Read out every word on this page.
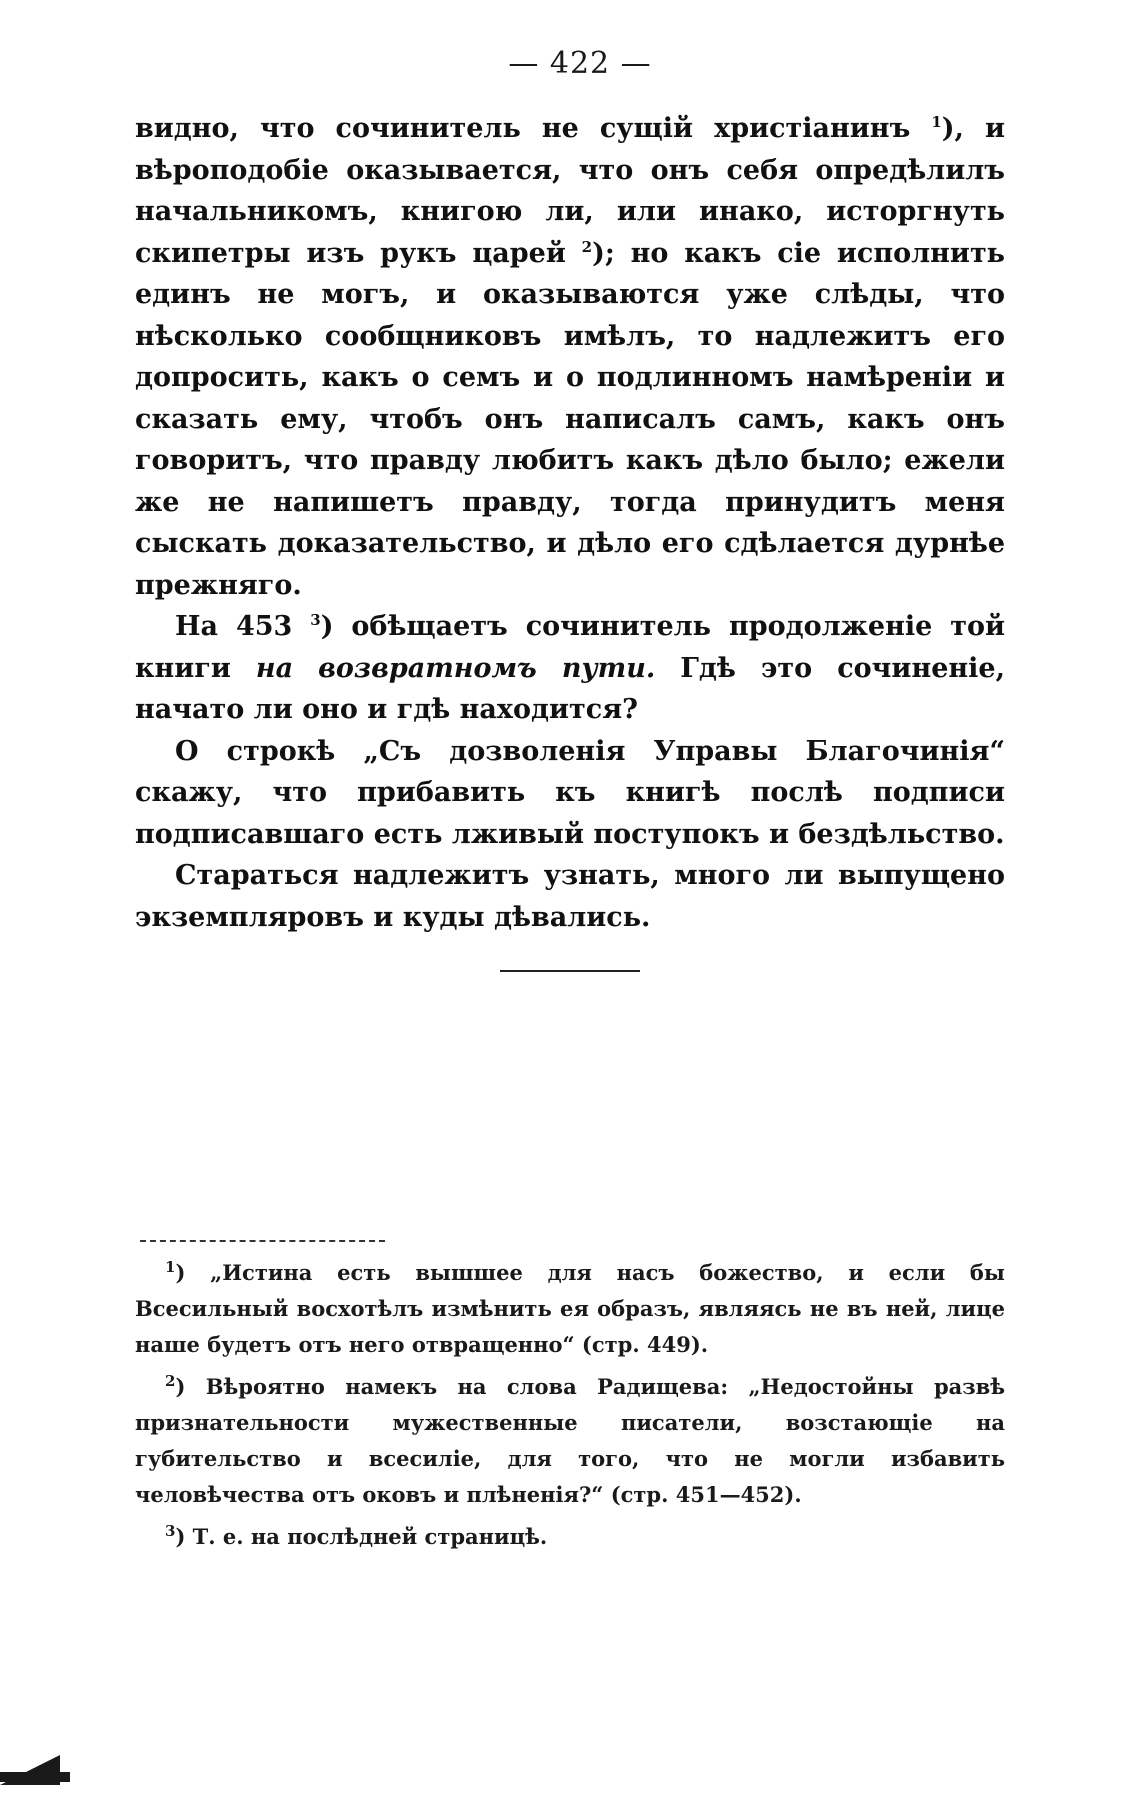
— 422 —

видно, что сочинитель не сущій христіанинъ $^1$), и вѣроподобіе оказывается, что онъ себя опредѣлилъ начальникомъ, книгою ли, или инако, исторгнуть скипетры изъ рукъ царей $^2$); но какъ сіе исполнить единъ не могъ, и оказываются уже слѣды, что нѣсколько сообщниковъ имѣлъ, то надлежитъ его допросить, какъ о семъ и о подлинномъ намѣреніи и сказать ему, чтобъ онъ написалъ самъ, какъ онъ говоритъ, что правду любитъ какъ дѣло было; ежели же не напишетъ правду, тогда принудитъ меня сыскать доказательство, и дѣло его сдѣлается дурнѣе прежняго.

На 453 $^3$) обѣщаетъ сочинитель продолженіе той книги на возвратномъ пути. Гдѣ это сочиненіе, начато ли оно и гдѣ находится?

О строкѣ „Съ дозволенія Управы Благочинія“ скажу, что прибавить къ книгѣ послѣ подписи подписавшаго есть лживый поступокъ и бездѣльство.

Стараться надлежитъ узнать, много ли выпущено экземпляровъ и куды дѣвались.

$^1$) „Истина есть вышшее для насъ божество, и если бы Всесильный восхотѣлъ измѣнить ея образъ, являясь не въ ней, лице наше будетъ отъ него отвращенно“ (стр. 449).

$^2$) Вѣроятно намекъ на слова Радищева: „Недостойны развѣ признательности мужественные писатели, возстающіе на губительство и всесиліе, для того, что не могли избавить человѣчества отъ оковъ и плѣненія?“ (стр. 451—452).

$^3$) Т. е. на послѣдней страницѣ.
